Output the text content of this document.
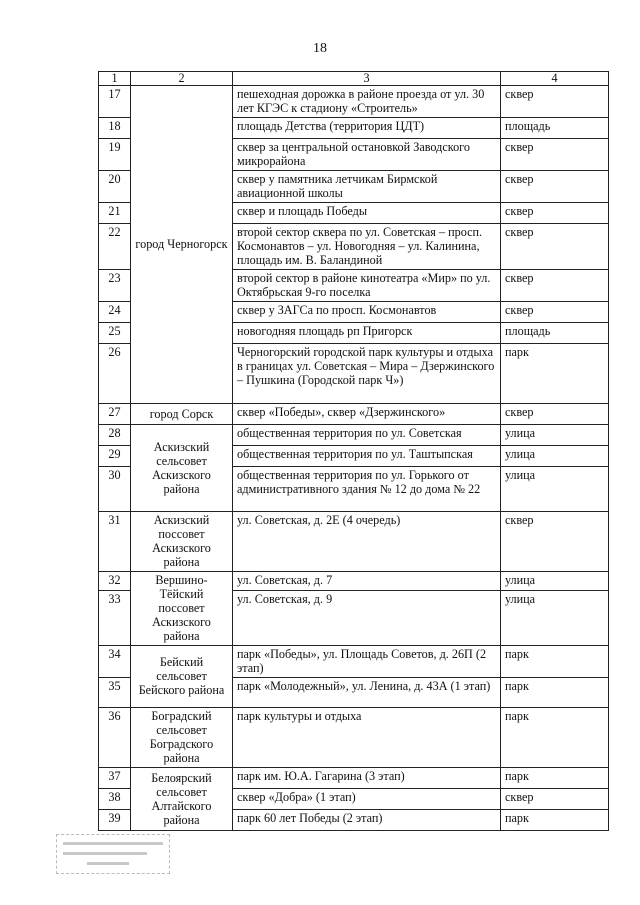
18
1	2	3	4
17	город Черногорск	пешеходная дорожка в районе проезда от ул. 30 лет КГЭС к стадиону «Строитель»	сквер
18		площадь Детства (территория ЦДТ)	площадь
19		сквер за центральной остановкой Заводского микрорайона	сквер
20		сквер у памятника летчикам Бирмской авиационной школы	сквер
21		сквер и площадь Победы	сквер
22		второй сектор сквера по ул. Советская – просп. Космонавтов – ул. Новогодняя – ул. Калинина, площадь им. В. Баландиной	сквер
23		второй сектор в районе кинотеатра «Мир» по ул. Октябрьская 9-го поселка	сквер
24		сквер у ЗАГСа по просп. Космонавтов	сквер
25		новогодняя площадь рп Пригорск	площадь
26		Черногорский городской парк культуры и отдыха в границах ул. Советская – Мира – Дзержинского – Пушкина (Городской парк Ч»)	парк
27	город Сорск	сквер «Победы», сквер «Дзержинского»	сквер
28	Аскизский сельсовет Аскизского района	общественная территория по ул. Советская	улица
29		общественная территория по ул. Таштыпская	улица
30		общественная территория по ул. Горького от административного здания № 12 до дома № 22	улица
31	Аскизский поссовет Аскизского района	ул. Советская, д. 2Е (4 очередь)	сквер
32	Вершино-Тёйский поссовет Аскизского района	ул. Советская, д. 7	улица
33		ул. Советская, д. 9	улица
34	Бейский сельсовет Бейского района	парк «Победы», ул. Площадь Советов, д. 26П (2 этап)	парк
35		парк «Молодежный», ул. Ленина, д. 43А (1 этап)	парк
36	Боградский сельсовет Боградского района	парк культуры и отдыха	парк
37	Белоярский сельсовет Алтайского района	парк им. Ю.А. Гагарина (3 этап)	парк
38		сквер «Добра» (1 этап)	сквер
39		парк 60 лет Победы (2 этап)	парк
